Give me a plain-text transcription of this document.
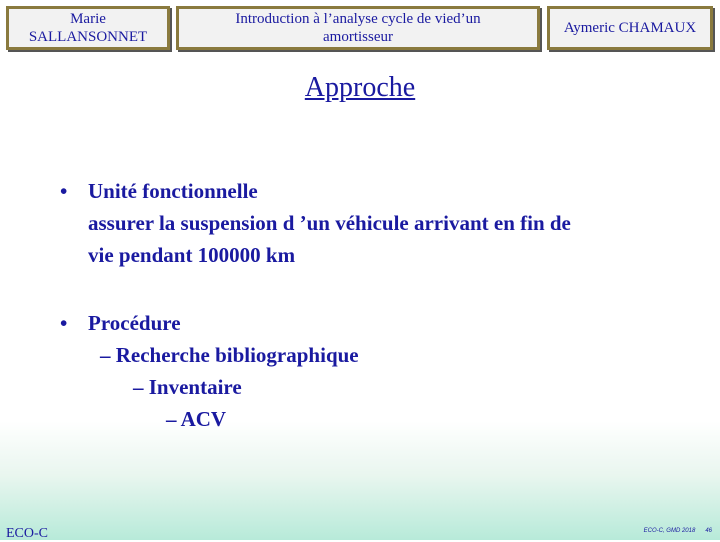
Marie
SALLANSONNET
Introduction à l’analyse cycle de vied’un
amortisseur
Aymeric CHAMAUX
Approche
• Unité fonctionnelle
assurer la suspension d ’un véhicule arrivant en fin de
vie pendant 100000 km
• Procédure
– Recherche bibliographique
– Inventaire
– ACV
ECO-C	ECO-C, GMD 2018 46
